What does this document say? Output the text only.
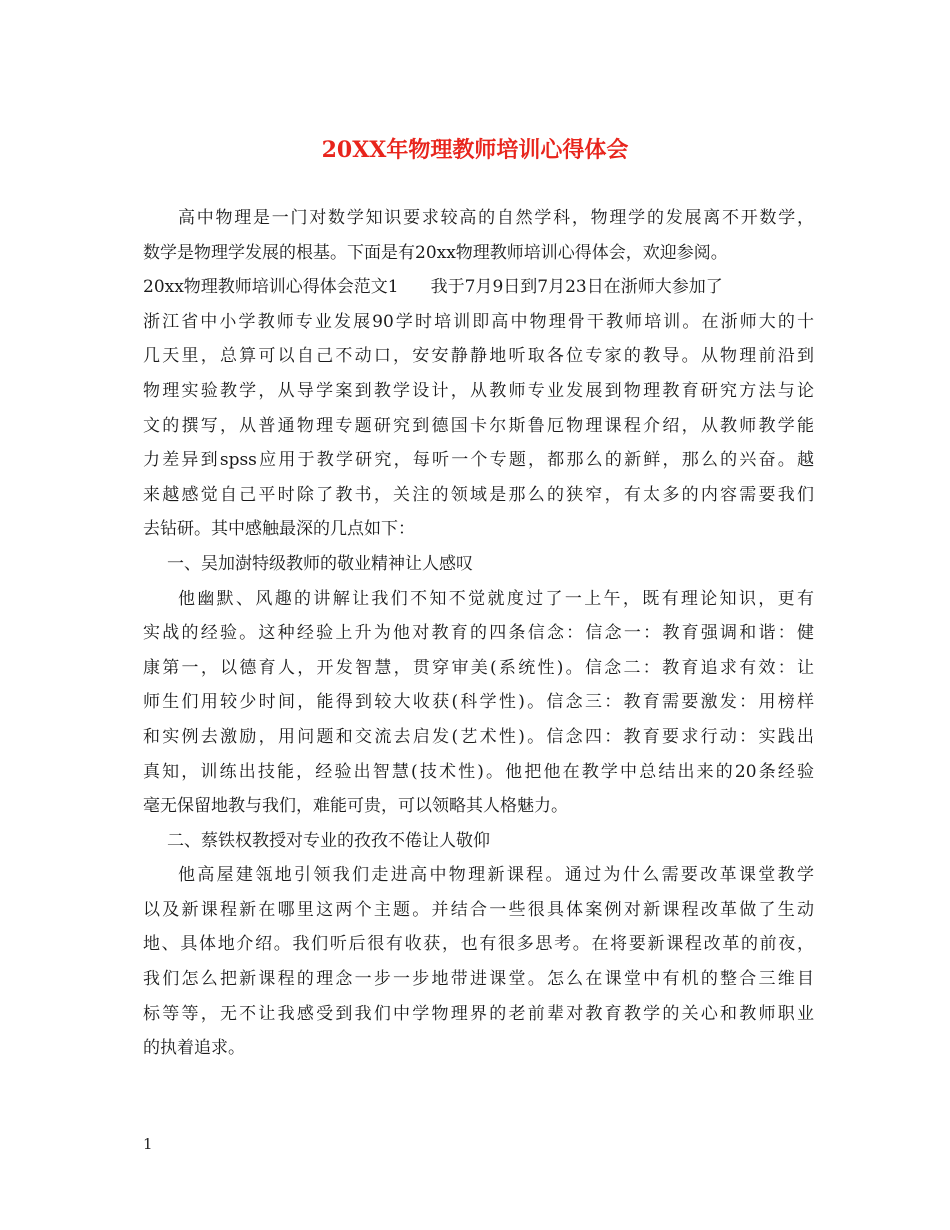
20XX年物理教师培训心得体会
高中物理是一门对数学知识要求较高的自然学科，物理学的发展离不开数学，
数学是物理学发展的根基。下面是有20xx物理教师培训心得体会，欢迎参阅。
20xx物理教师培训心得体会范文1 我于7月9日到7月23日在浙师大参加了
浙江省中小学教师专业发展90学时培训即高中物理骨干教师培训。在浙师大的十
几天里，总算可以自己不动口，安安静静地听取各位专家的教导。从物理前沿到
物理实验教学，从导学案到教学设计，从教师专业发展到物理教育研究方法与论
文的撰写，从普通物理专题研究到德国卡尔斯鲁厄物理课程介绍，从教师教学能
力差异到spss应用于教学研究，每听一个专题，都那么的新鲜，那么的兴奋。越
来越感觉自己平时除了教书，关注的领域是那么的狭窄，有太多的内容需要我们
去钻研。其中感触最深的几点如下：
一、吴加澍特级教师的敬业精神让人感叹
他幽默、风趣的讲解让我们不知不觉就度过了一上午，既有理论知识，更有
实战的经验。这种经验上升为他对教育的四条信念：信念一：教育强调和谐：健
康第一，以德育人，开发智慧，贯穿审美(系统性)。信念二：教育追求有效：让
师生们用较少时间，能得到较大收获(科学性)。信念三：教育需要激发：用榜样
和实例去激励，用问题和交流去启发(艺术性)。信念四：教育要求行动：实践出
真知，训练出技能，经验出智慧(技术性)。他把他在教学中总结出来的20条经验
毫无保留地教与我们，难能可贵，可以领略其人格魅力。
二、蔡铁权教授对专业的孜孜不倦让人敬仰
他高屋建瓴地引领我们走进高中物理新课程。通过为什么需要改革课堂教学
以及新课程新在哪里这两个主题。并结合一些很具体案例对新课程改革做了生动
地、具体地介绍。我们听后很有收获，也有很多思考。在将要新课程改革的前夜，
我们怎么把新课程的理念一步一步地带进课堂。怎么在课堂中有机的整合三维目
标等等，无不让我感受到我们中学物理界的老前辈对教育教学的关心和教师职业
的执着追求。

1
